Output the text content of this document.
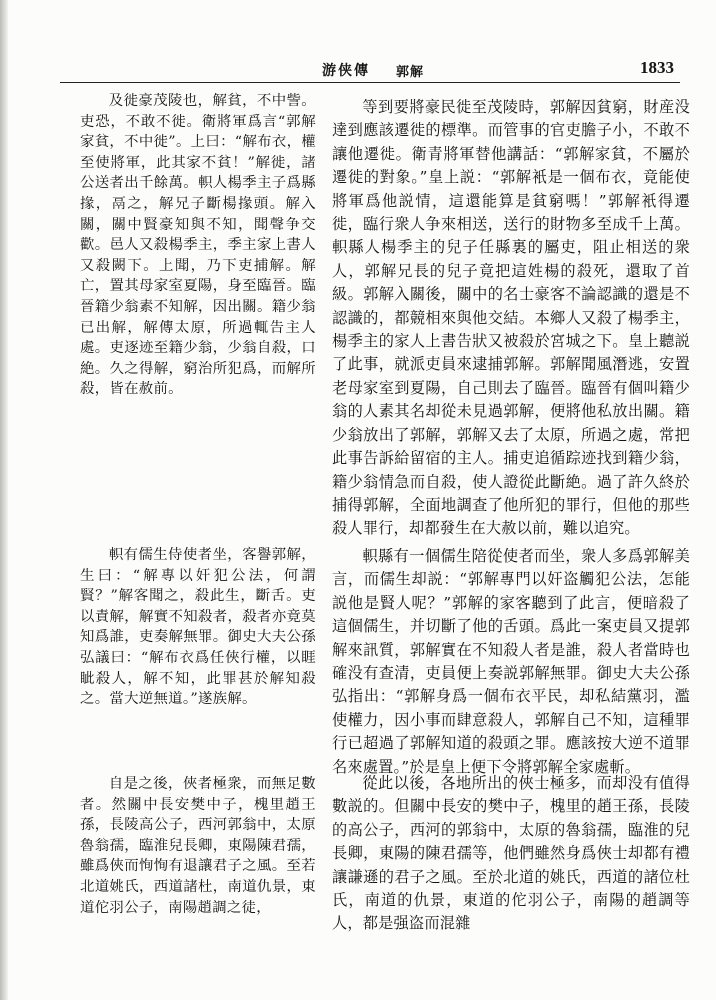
游侠傳 郭解	1833

及徙豪茂陵也，解貧，不中訾。吏恐，不敢不徙。衛將軍爲言“郭解家貧，不中徙”。上曰：“解布衣，權至使將軍，此其家不貧！”解徙，諸公送者出千餘萬。軹人楊季主子爲縣掾，鬲之，解兄子斷楊掾頭。解入關，關中賢豪知與不知，聞聲争交歡。邑人又殺楊季主，季主家上書人又殺闕下。上聞，乃下吏捕解。解亡，置其母家室夏陽，身至臨晉。臨晉籍少翁素不知解，因出關。籍少翁已出解，解傳太原，所過輒告主人處。吏逐迹至籍少翁，少翁自殺，口絶。久之得解，窮治所犯爲，而解所殺，皆在赦前。

軹有儒生侍使者坐，客譽郭解，生曰：“解專以奸犯公法，何謂賢？”解客聞之，殺此生，斷舌。吏以責解，解實不知殺者，殺者亦竟莫知爲誰，吏奏解無罪。御史大夫公孫弘議曰：“解布衣爲任俠行權，以睚眦殺人，解不知，此罪甚於解知殺之。當大逆無道。”遂族解。

自是之後，俠者極衆，而無足數者。然關中長安樊中子，槐里趙王孫，長陵高公子，西河郭翁中，太原魯翁孺，臨淮兒長卿，東陽陳君孺，雖爲俠而恂恂有退讓君子之風。至若北道姚氏，西道諸杜，南道仇景，東道佗羽公子，南陽趙調之徒，

等到要將豪民徙至茂陵時，郭解因貧窮，財産没達到應該遷徙的標準。而管事的官吏膽子小，不敢不讓他遷徙。衛青將軍替他講話：“郭解家貧，不屬於遷徙的對象。”皇上説：“郭解衹是一個布衣，竟能使將軍爲他説情，這還能算是貧窮嗎！”郭解衹得遷徙，臨行衆人争來相送，送行的財物多至成千上萬。軹縣人楊季主的兒子任縣裏的屬吏，阻止相送的衆人，郭解兄長的兒子竟把這姓楊的殺死，還取了首級。郭解入關後，關中的名士豪客不論認識的還是不認識的，都競相來與他交結。本鄉人又殺了楊季主，楊季主的家人上書告狀又被殺於宮城之下。皇上聽説了此事，就派吏員來逮捕郭解。郭解聞風潛逃，安置老母家室到夏陽，自己則去了臨晉。臨晉有個叫籍少翁的人素其名却從未見過郭解，便將他私放出關。籍少翁放出了郭解，郭解又去了太原，所過之處，常把此事告訴給留宿的主人。捕吏追循踪迹找到籍少翁，籍少翁情急而自殺，使人證從此斷絶。過了許久終於捕得郭解，全面地調查了他所犯的罪行，但他的那些殺人罪行，却都發生在大赦以前，難以追究。

軹縣有一個儒生陪從使者而坐，衆人多爲郭解美言，而儒生却説：“郭解專門以奸盗觸犯公法，怎能説他是賢人呢？”郭解的家客聽到了此言，便暗殺了這個儒生，并切斷了他的舌頭。爲此一案吏員又提郭解來訊質，郭解實在不知殺人者是誰，殺人者當時也確没有查清，吏員便上奏説郭解無罪。御史大夫公孫弘指出：“郭解身爲一個布衣平民，却私結黨羽，濫使權力，因小事而肆意殺人，郭解自己不知，這種罪行已超過了郭解知道的殺頭之罪。應該按大逆不道罪名來處置。”於是皇上便下令將郭解全家處斬。

從此以後，各地所出的俠士極多，而却没有值得數説的。但關中長安的樊中子，槐里的趙王孫，長陵的高公子，西河的郭翁中，太原的魯翁孺，臨淮的兒長卿，東陽的陳君孺等，他們雖然身爲俠士却都有禮讓謙遜的君子之風。至於北道的姚氏，西道的諸位杜氏，南道的仇景，東道的佗羽公子，南陽的趙調等人，都是强盗而混雜
